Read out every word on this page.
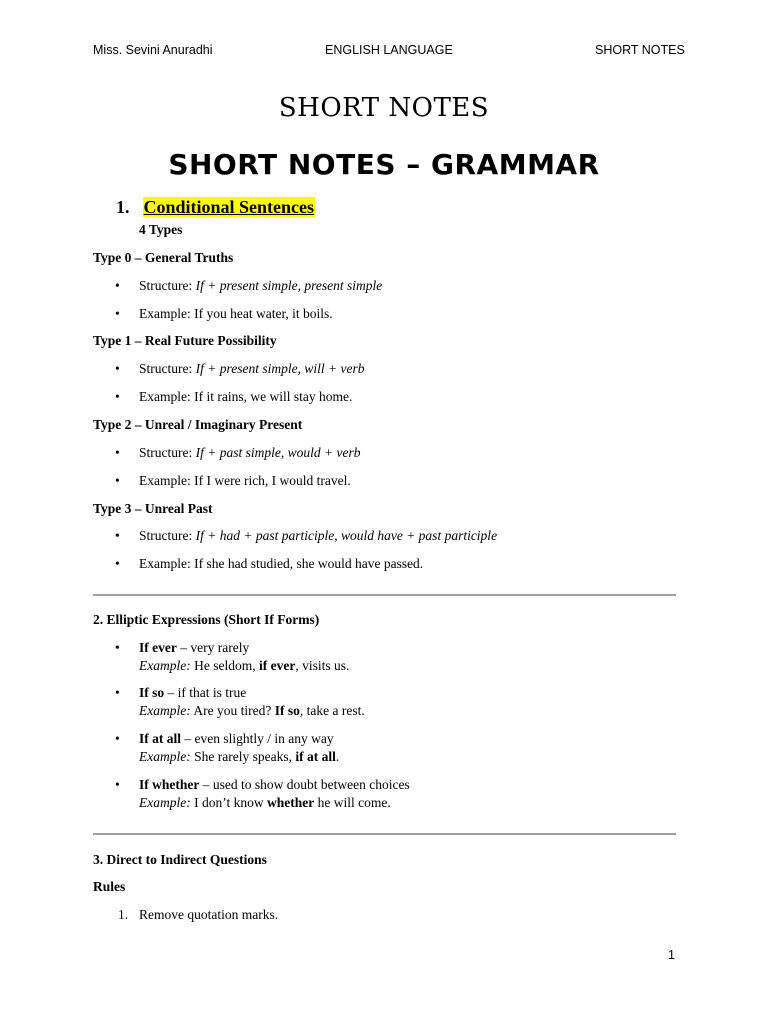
Miss. Sevini Anuradhi	ENGLISH LANGUAGE	SHORT NOTES
SHORT NOTES
SHORT NOTES – GRAMMAR
1. Conditional Sentences
4 Types
Type 0 – General Truths
•	Structure: If + present simple, present simple
•	Example: If you heat water, it boils.
Type 1 – Real Future Possibility
•	Structure: If + present simple, will + verb
•	Example: If it rains, we will stay home.
Type 2 – Unreal / Imaginary Present
•	Structure: If + past simple, would + verb
•	Example: If I were rich, I would travel.
Type 3 – Unreal Past
•	Structure: If + had + past participle, would have + past participle
•	Example: If she had studied, she would have passed.
2. Elliptic Expressions (Short If Forms)
•	If ever – very rarely
Example: He seldom, if ever, visits us.
•	If so – if that is true
Example: Are you tired? If so, take a rest.
•	If at all – even slightly / in any way
Example: She rarely speaks, if at all.
•	If whether – used to show doubt between choices
Example: I don’t know whether he will come.
3. Direct to Indirect Questions
Rules
1. Remove quotation marks.
1
